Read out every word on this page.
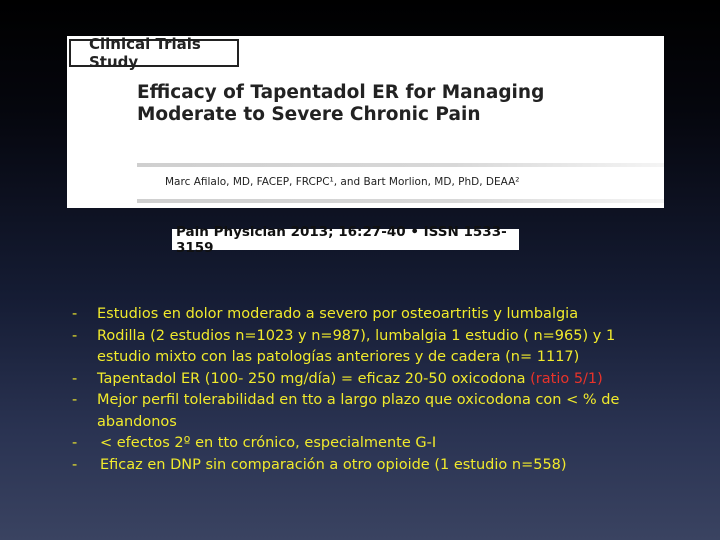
Clinical Trials Study
Efficacy of Tapentadol ER for Managing
Moderate to Severe Chronic Pain
Marc Afilalo, MD, FACEP, FRCPC¹, and Bart Morlion, MD, PhD, DEAA²
Pain Physician 2013; 16:27-40 • ISSN 1533-3159
- Estudios en dolor moderado a severo por osteoartritis y lumbalgia
- Rodilla (2 estudios n=1023 y n=987), lumbalgia 1 estudio ( n=965) y 1 estudio mixto con las patologías anteriores y de cadera (n= 1117)
- Tapentadol ER (100- 250 mg/día) = eficaz 20-50 oxicodona (ratio 5/1)
- Mejor perfil tolerabilidad en tto a largo plazo que oxicodona con < % de abandonos
- < efectos 2º en tto crónico, especialmente G-I
- Eficaz en DNP sin comparación a otro opioide (1 estudio n=558)
